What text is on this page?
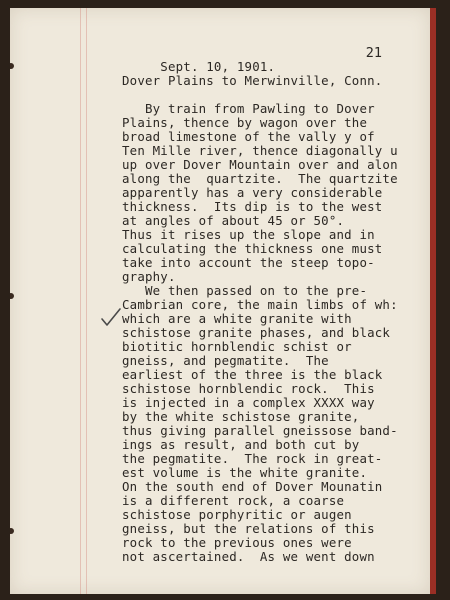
21
Sept. 10, 1901.
Dover Plains to Merwinville, Conn.
By train from Pawling to Dover
Plains, thence by wagon over the
broad limestone of the vally y of
Ten Mille river, thence diagonally u
up over Dover Mountain over and alon
along the  quartzite.  The quartzite
apparently has a very considerable
thickness.  Its dip is to the west
at angles of about 45 or 50°.
Thus it rises up the slope and in
calculating the thickness one must
take into account the steep topo-
graphy.
We then passed on to the pre-
Cambrian core, the main limbs of wh:
which are a white granite with
schistose granite phases, and black
biotitic hornblendic schist or
gneiss, and pegmatite.  The
earliest of the three is the black
schistose hornblendic rock.  This
is injected in a complex XXXX way
by the white schistose granite,
thus giving parallel gneissose band-
ings as result, and both cut by
the pegmatite.  The rock in great-
est volume is the white granite.
On the south end of Dover Mounatin
is a different rock, a coarse
schistose porphyritic or augen
gneiss, but the relations of this
rock to the previous ones were
not ascertained.  As we went down
